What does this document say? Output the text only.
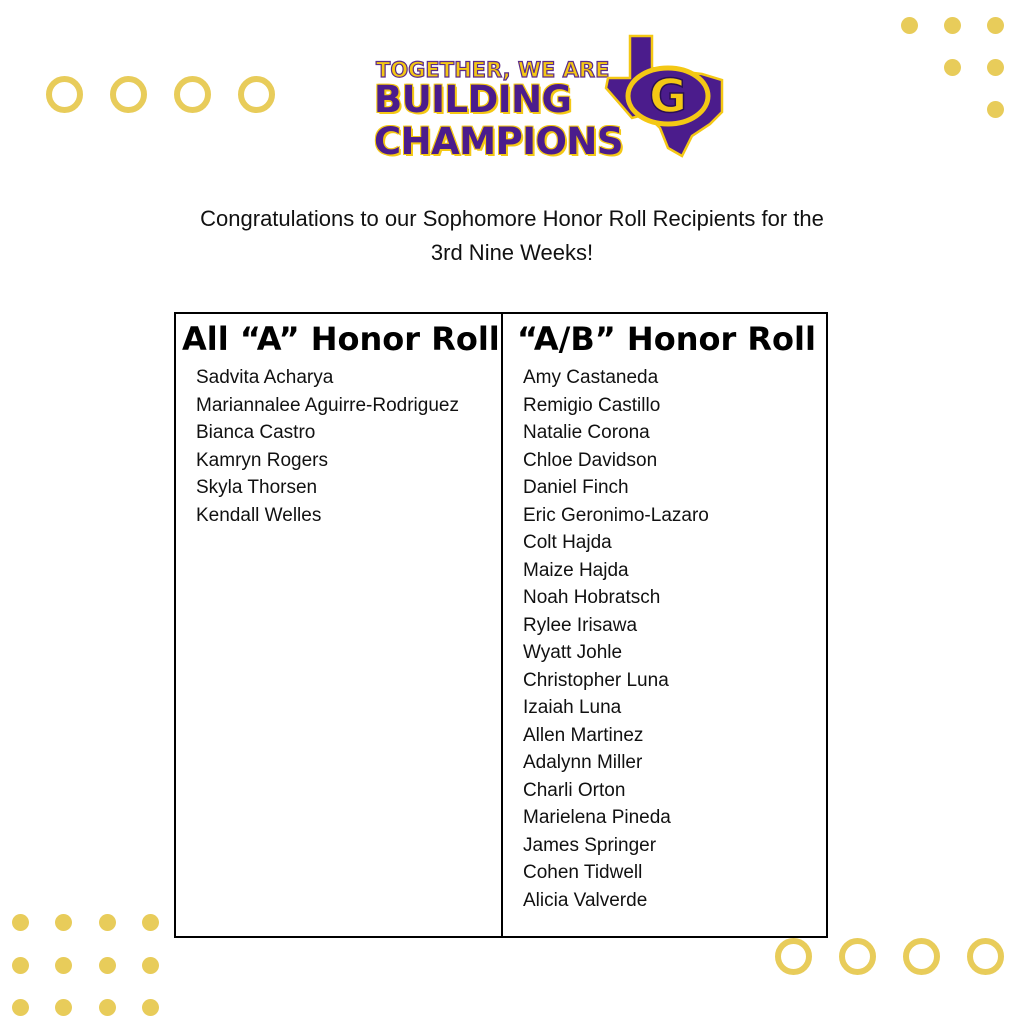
TOGETHER, WE ARE
BUILDING
CHAMPIONS
G
Congratulations to our Sophomore Honor Roll Recipients for the
3rd Nine Weeks!
All “A” Honor Roll
Sadvita Acharya
Mariannalee Aguirre-Rodriguez
Bianca Castro
Kamryn Rogers
Skyla Thorsen
Kendall Welles
“A/B” Honor Roll
Amy Castaneda
Remigio Castillo
Natalie Corona
Chloe Davidson
Daniel Finch
Eric Geronimo-Lazaro
Colt Hajda
Maize Hajda
Noah Hobratsch
Rylee Irisawa
Wyatt Johle
Christopher Luna
Izaiah Luna
Allen Martinez
Adalynn Miller
Charli Orton
Marielena Pineda
James Springer
Cohen Tidwell
Alicia Valverde
